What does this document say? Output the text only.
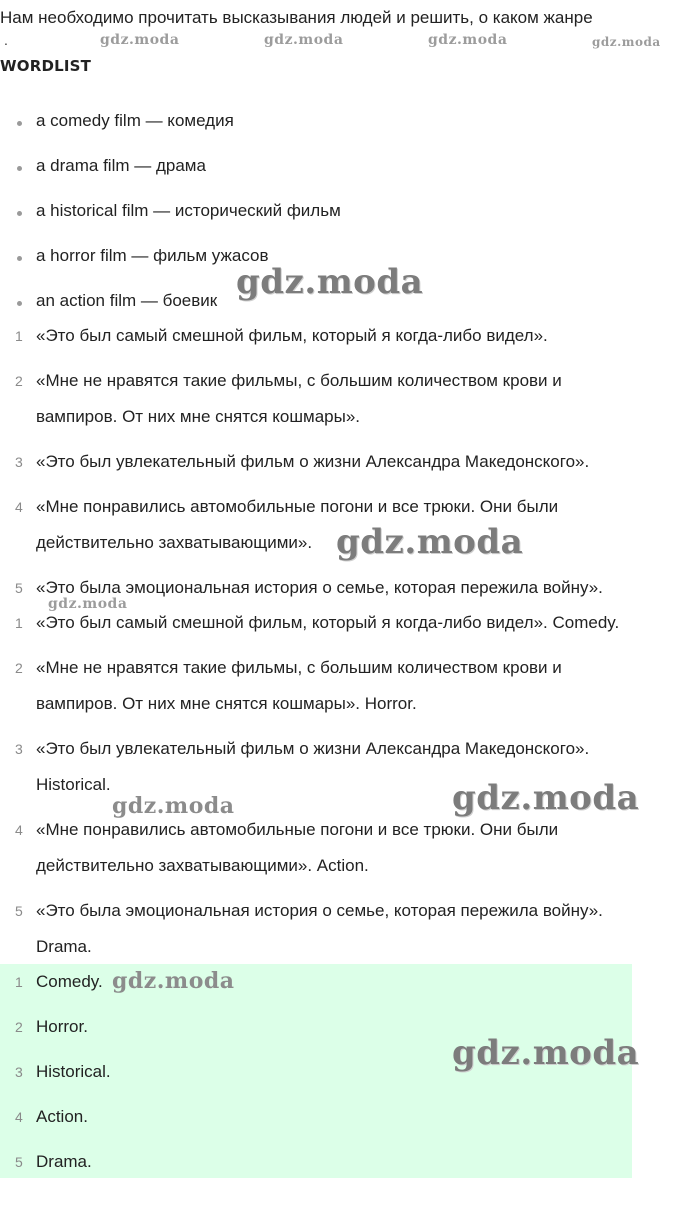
Нам необходимо прочитать высказывания людей и решить, о каком жанре

.
WORDLIST
a comedy film — комедия
a drama film — драма
a historical film — исторический фильм
a horror film — фильм ужасов
an action film — боевик
1 «Это был самый смешной фильм, который я когда-либо видел».
2 «Мне не нравятся такие фильмы, с большим количеством крови и
вампиров. От них мне снятся кошмары».
3 «Это был увлекательный фильм о жизни Александра Македонского».
4 «Мне понравились автомобильные погони и все трюки. Они были
действительно захватывающими».
5 «Это была эмоциональная история о семье, которая пережила войну».
1 «Это был самый смешной фильм, который я когда-либо видел». Comedy.
2 «Мне не нравятся такие фильмы, с большим количеством крови и
вампиров. От них мне снятся кошмары». Horror.
3 «Это был увлекательный фильм о жизни Александра Македонского».
Historical.
4 «Мне понравились автомобильные погони и все трюки. Они были
действительно захватывающими». Action.
5 «Это была эмоциональная история о семье, которая пережила войну».
Drama.
1 Comedy.
2 Horror.
3 Historical.
4 Action.
5 Drama.
gdz.moda	gdz.moda	gdz.moda	gdz.moda
gdz.moda
gdz.moda
gdz.moda
gdz.moda	gdz.moda
gdz.moda
gdz.moda
